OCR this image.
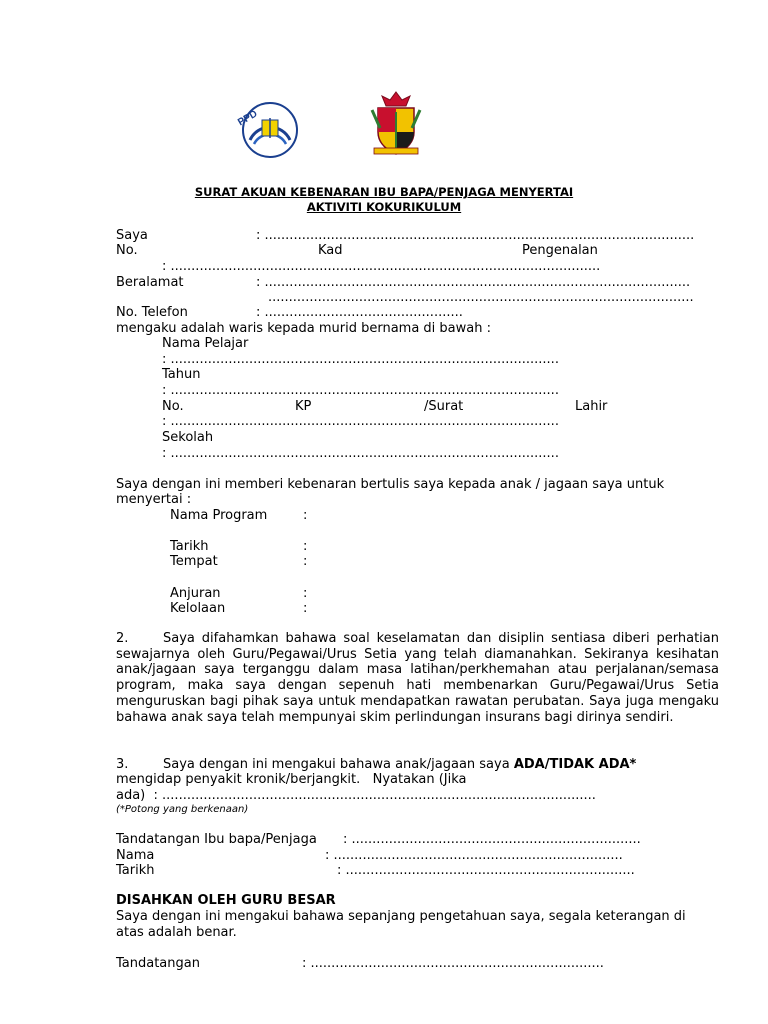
PPD
SURAT AKUAN KEBENARAN IBU BAPA/PENJAGA MENYERTAI
AKTIVITI KOKURIKULUM
Saya	: ........................................................................................................
No.	Kad	Pengenalan
: ........................................................................................................
Beralamat	: .......................................................................................................
.......................................................................................................
No. Telefon	: ................................................
mengaku adalah waris kepada murid bernama di bawah :
Nama Pelajar
: ..............................................................................................
Tahun
: ..............................................................................................
No.	KP	/Surat	Lahir
: ..............................................................................................
Sekolah
: ..............................................................................................
Saya dengan ini memberi kebenaran bertulis saya kepada anak / jagaan saya untuk
menyertai :
Nama Program	:
Tarikh	:
Tempat	:
Anjuran	:
Kelolaan	:
2.	Saya difahamkan bahawa soal keselamatan dan disiplin sentiasa diberi perhatian sewajarnya oleh Guru/Pegawai/Urus Setia yang telah diamanahkan. Sekiranya kesihatan anak/jagaan saya terganggu dalam masa latihan/perkhemahan atau perjalanan/semasa program, maka saya dengan sepenuh hati membenarkan Guru/Pegawai/Urus Setia menguruskan bagi pihak saya untuk mendapatkan rawatan perubatan. Saya juga mengaku bahawa anak saya telah mempunyai skim perlindungan insurans bagi dirinya sendiri.
3.	Saya dengan ini mengakui bahawa anak/jagaan saya ADA/TIDAK ADA*
mengidap penyakit kronik/berjangkit.   Nyatakan (Jika
ada)  : .........................................................................................................
(*Potong yang berkenaan)
Tandatangan Ibu bapa/Penjaga : ......................................................................
Nama	: ......................................................................
Tarikh	: ......................................................................
DISAHKAN OLEH GURU BESAR
Saya dengan ini mengakui bahawa sepanjang pengetahuan saya, segala keterangan di
atas adalah benar.
Tandatangan	: .......................................................................
